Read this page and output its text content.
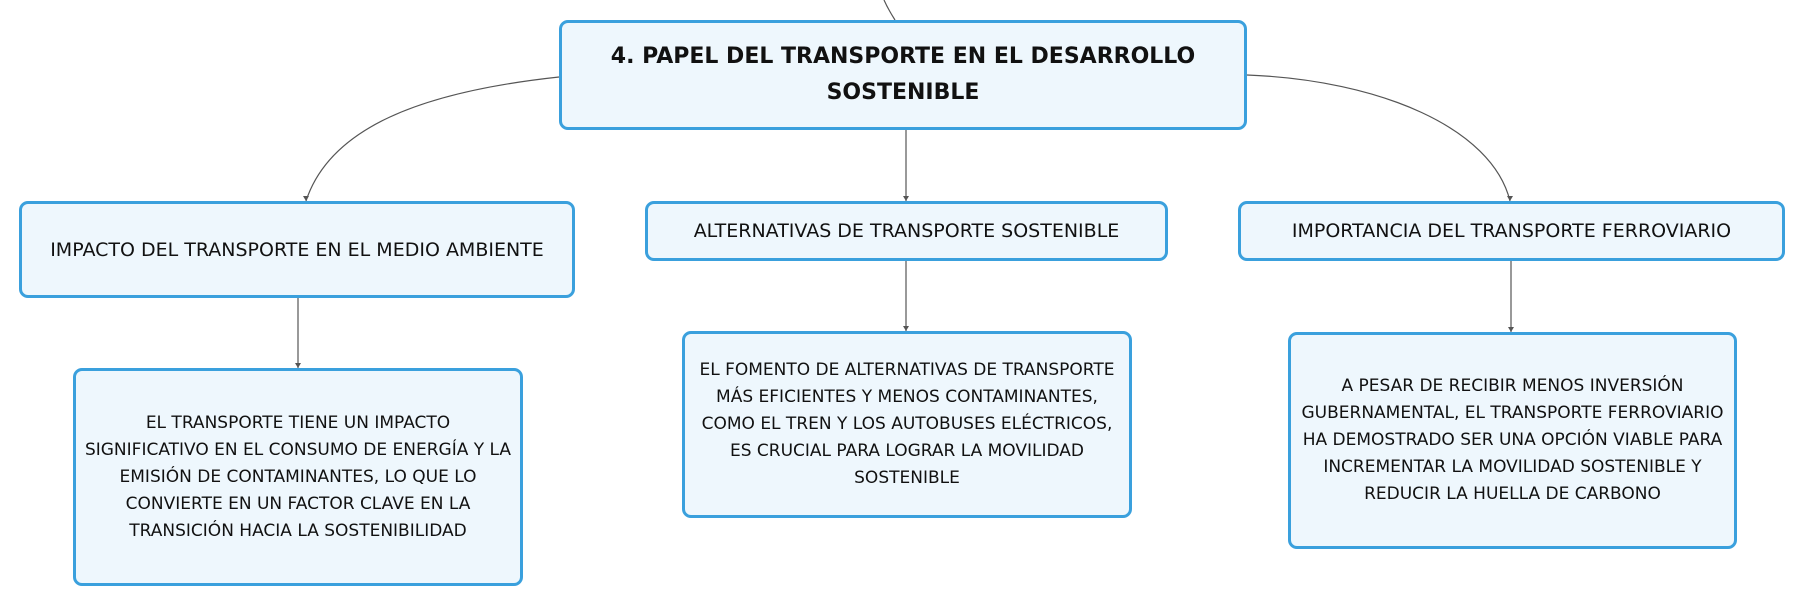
4. PAPEL DEL TRANSPORTE EN EL DESARROLLO SOSTENIBLE
IMPACTO DEL TRANSPORTE EN EL MEDIO AMBIENTE
ALTERNATIVAS DE TRANSPORTE SOSTENIBLE	IMPORTANCIA DEL TRANSPORTE FERROVIARIO
EL TRANSPORTE TIENE UN IMPACTO SIGNIFICATIVO EN EL CONSUMO DE ENERGÍA Y LA EMISIÓN DE CONTAMINANTES, LO QUE LO CONVIERTE EN UN FACTOR CLAVE EN LA TRANSICIÓN HACIA LA SOSTENIBILIDAD
EL FOMENTO DE ALTERNATIVAS DE TRANSPORTE MÁS EFICIENTES Y MENOS CONTAMINANTES, COMO EL TREN Y LOS AUTOBUSES ELÉCTRICOS, ES CRUCIAL PARA LOGRAR LA MOVILIDAD SOSTENIBLE
A PESAR DE RECIBIR MENOS INVERSIÓN GUBERNAMENTAL, EL TRANSPORTE FERROVIARIO HA DEMOSTRADO SER UNA OPCIÓN VIABLE PARA INCREMENTAR LA MOVILIDAD SOSTENIBLE Y REDUCIR LA HUELLA DE CARBONO
